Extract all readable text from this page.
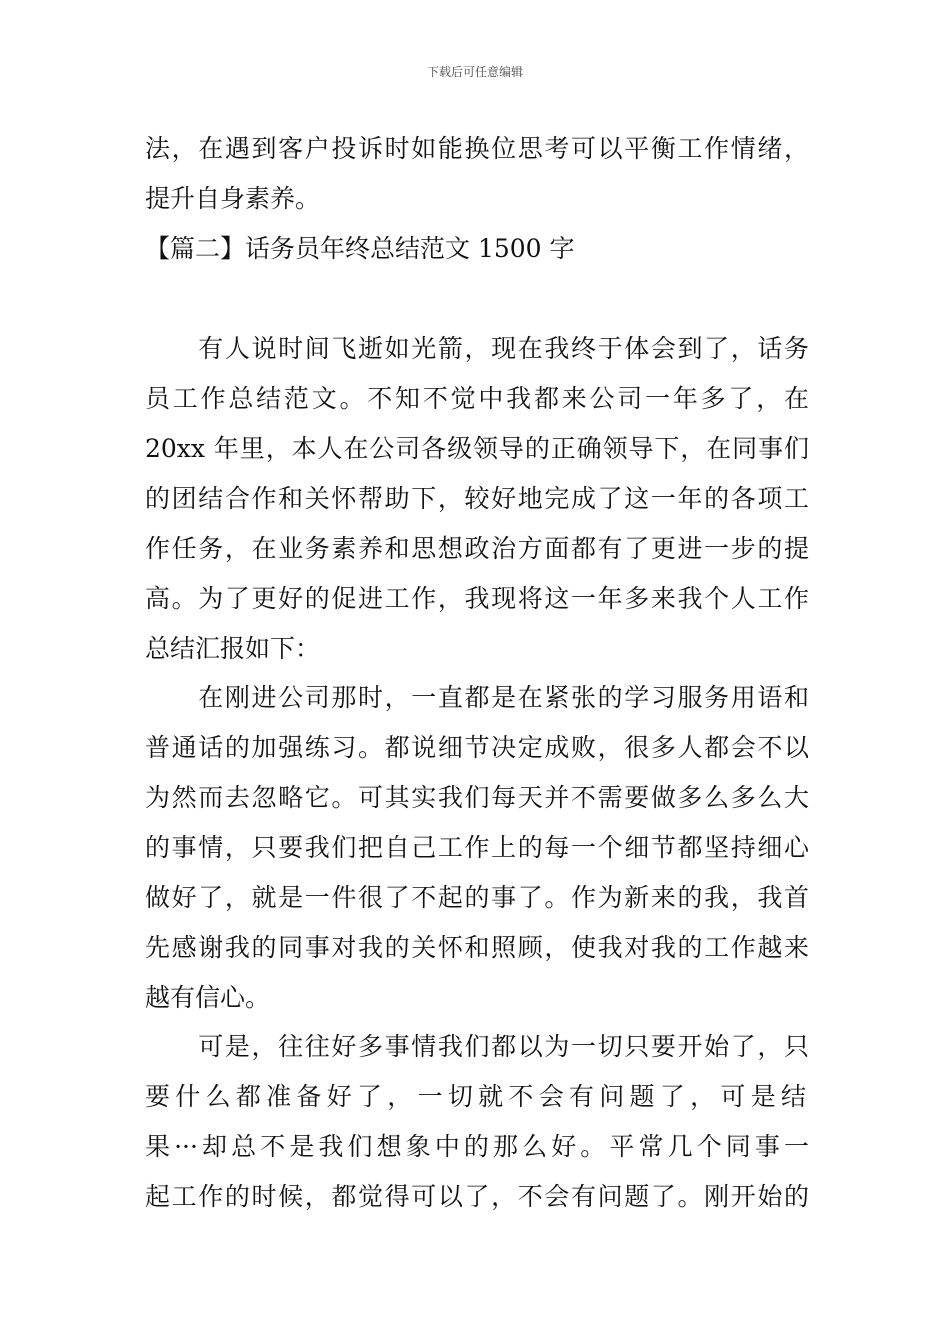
下载后可任意编辑
法，在遇到客户投诉时如能换位思考可以平衡工作情绪，
提升自身素养。
【篇二】话务员年终总结范文 1500 字
　　有人说时间飞逝如光箭，现在我终于体会到了，话务
员工作总结范文。不知不觉中我都来公司一年多了，在
20xx 年里，本人在公司各级领导的正确领导下，在同事们
的团结合作和关怀帮助下，较好地完成了这一年的各项工
作任务，在业务素养和思想政治方面都有了更进一步的提
高。为了更好的促进工作，我现将这一年多来我个人工作
总结汇报如下：
　　在刚进公司那时，一直都是在紧张的学习服务用语和
普通话的加强练习。都说细节决定成败，很多人都会不以
为然而去忽略它。可其实我们每天并不需要做多么多么大
的事情，只要我们把自己工作上的每一个细节都坚持细心
做好了，就是一件很了不起的事了。作为新来的我，我首
先感谢我的同事对我的关怀和照顾，使我对我的工作越来
越有信心。
　　可是，往往好多事情我们都以为一切只要开始了，只
要什么都准备好了，一切就不会有问题了，可是结
果···却总不是我们想象中的那么好。平常几个同事一
起工作的时候，都觉得可以了，不会有问题了。刚开始的
